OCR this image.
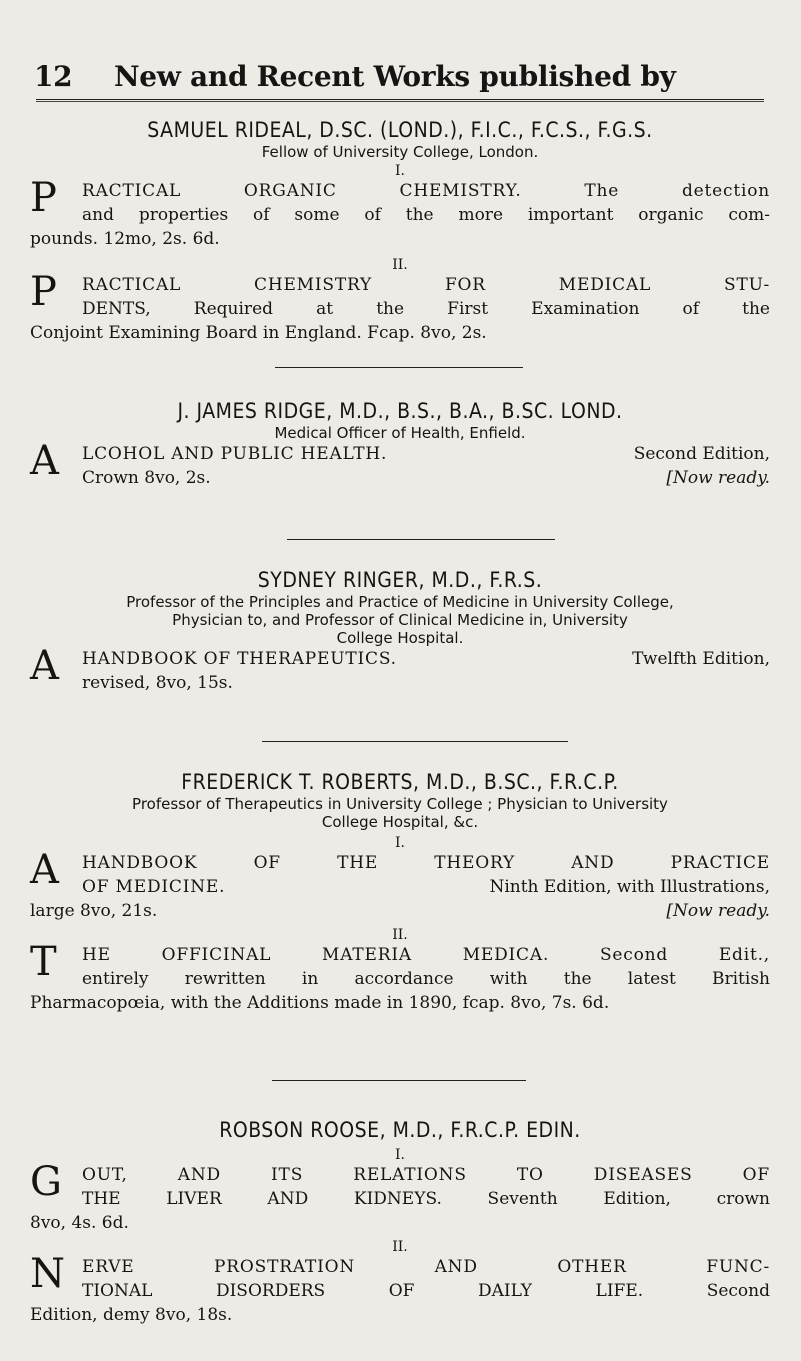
12 New and Recent Works published by
SAMUEL RIDEAL, D.SC. (LOND.), F.I.C., F.C.S., F.G.S.
Fellow of University College, London.
I.
P	RACTICAL ORGANIC CHEMISTRY. The detection
and properties of some of the more important organic com-
pounds. 12mo, 2s. 6d.
II.
P	RACTICAL CHEMISTRY FOR MEDICAL STU-
DENTS, Required at the First Examination of the
Conjoint Examining Board in England. Fcap. 8vo, 2s.
J. JAMES RIDGE, M.D., B.S., B.A., B.SC. LOND.
Medical Officer of Health, Enfield.
A LCOHOL AND PUBLIC HEALTH.	Second Edition,
Crown 8vo, 2s.	[Now ready.
SYDNEY RINGER, M.D., F.R.S.
Professor of the Principles and Practice of Medicine in University College,
Physician to, and Professor of Clinical Medicine in, University
College Hospital.
A HANDBOOK OF THERAPEUTICS.	Twelfth Edition,
revised, 8vo, 15s.
FREDERICK T. ROBERTS, M.D., B.SC., F.R.C.P.
Professor of Therapeutics in University College ; Physician to University
College Hospital, &c.
I.
A	HANDBOOK OF THE THEORY AND PRACTICE
OF MEDICINE.	Ninth Edition, with Illustrations,
large 8vo, 21s.	[Now ready.
II.
T	HE OFFICINAL MATERIA MEDICA. Second Edit.,
entirely rewritten in accordance with the latest British
Pharmacopœia, with the Additions made in 1890, fcap. 8vo, 7s. 6d.
ROBSON ROOSE, M.D., F.R.C.P. EDIN.
I.
G	OUT, AND ITS RELATIONS TO DISEASES OF
THE LIVER AND KIDNEYS. Seventh Edition, crown
8vo, 4s. 6d.
II.
N	ERVE PROSTRATION AND OTHER FUNC-
TIONAL DISORDERS OF DAILY LIFE. Second
Edition, demy 8vo, 18s.
